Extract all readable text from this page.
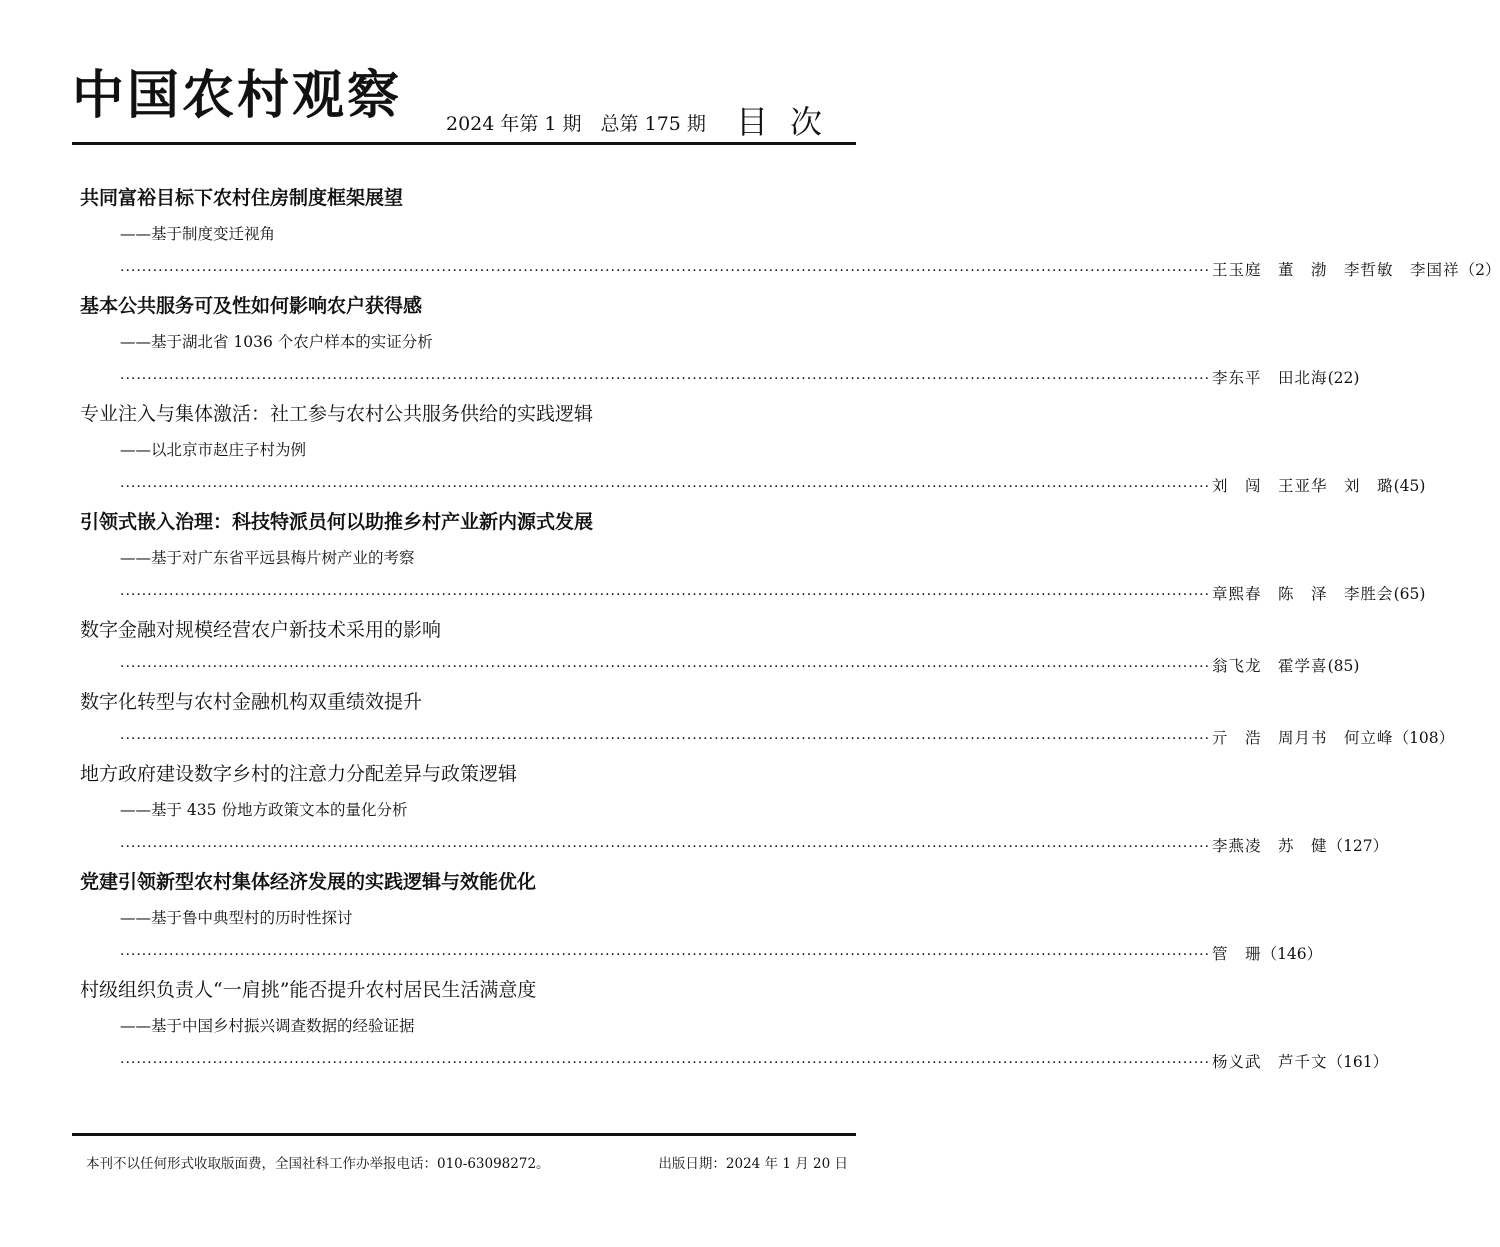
中国农村观察 2024 年第 1 期　总第 175 期 目次
共同富裕目标下农村住房制度框架展望
——基于制度变迁视角
········································································································································································································ 王玉庭　董　渤　李哲敏　李国祥 （2）
基本公共服务可及性如何影响农户获得感
——基于湖北省 1036 个农户样本的实证分析
········································································································································································································ 李东平　田北海 (22)
专业注入与集体激活：社工参与农村公共服务供给的实践逻辑
——以北京市赵庄子村为例
········································································································································································································ 刘　闯　王亚华　刘　璐 (45)
引领式嵌入治理：科技特派员何以助推乡村产业新内源式发展
——基于对广东省平远县梅片树产业的考察
········································································································································································································ 章熙春　陈　泽　李胜会 (65)
数字金融对规模经营农户新技术采用的影响
········································································································································································································ 翁飞龙　霍学喜 (85)
数字化转型与农村金融机构双重绩效提升
········································································································································································································ 亓　浩　周月书　何立峰 （108）
地方政府建设数字乡村的注意力分配差异与政策逻辑
——基于 435 份地方政策文本的量化分析
········································································································································································································ 李燕凌　苏　健 （127）
党建引领新型农村集体经济发展的实践逻辑与效能优化
——基于鲁中典型村的历时性探讨
········································································································································································································ 管　珊 （146）
村级组织负责人“一肩挑”能否提升农村居民生活满意度
——基于中国乡村振兴调查数据的经验证据
········································································································································································································ 杨义武　芦千文 （161）
本刊不以任何形式收取版面费，全国社科工作办举报电话：010-63098272。	出版日期：2024 年 1 月 20 日
